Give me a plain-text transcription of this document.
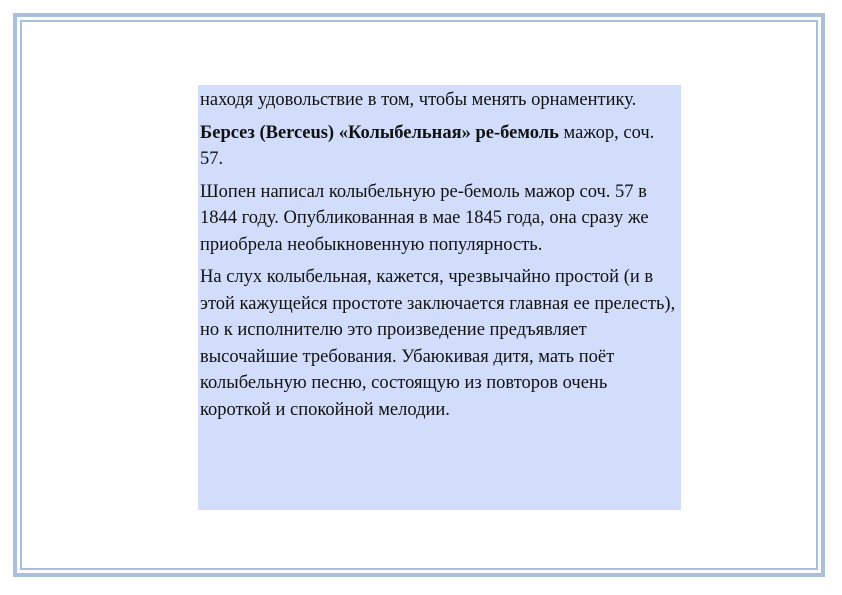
находя удовольствие в том, чтобы менять орнаментику.

Берсез (Berceus) «Колыбельная» ре-бемоль мажор, соч. 57.

Шопен написал колыбельную ре-бемоль мажор соч. 57 в 1844 году. Опубликованная в мае 1845 года, она сразу же приобрела необыкновенную популярность.

На слух колыбельная, кажется, чрезвычайно простой (и в этой кажущейся простоте заключается главная ее прелесть), но к исполнителю это произведение предъявляет высочайшие требования. Убаюкивая дитя, мать поёт колыбельную песню, состоящую из повторов очень короткой и спокойной мелодии.
